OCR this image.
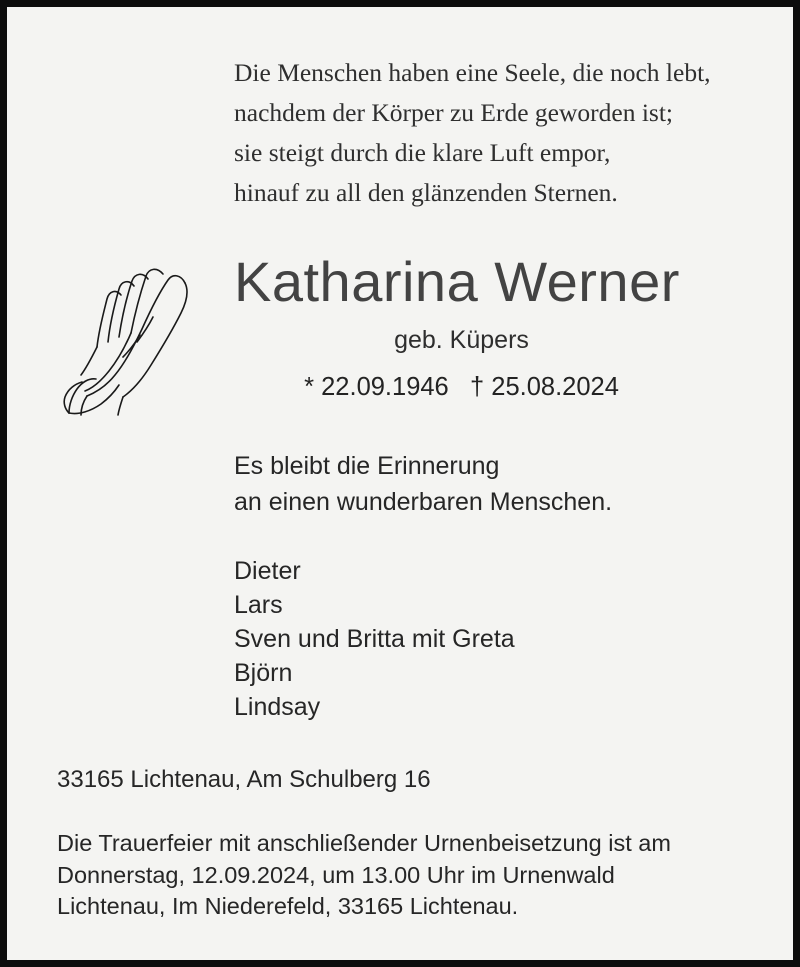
Die Menschen haben eine Seele, die noch lebt,
nachdem der Körper zu Erde geworden ist;
sie steigt durch die klare Luft empor,
hinauf zu all den glänzenden Sternen.
Katharina Werner
geb. Küpers
* 22.09.1946   † 25.08.2024
Es bleibt die Erinnerung
an einen wunderbaren Menschen.
Dieter
Lars
Sven und Britta mit Greta
Björn
Lindsay
33165 Lichtenau, Am Schulberg 16
Die Trauerfeier mit anschließender Urnenbeisetzung ist am
Donnerstag, 12.09.2024, um 13.00 Uhr im Urnenwald
Lichtenau, Im Niederefeld, 33165 Lichtenau.
